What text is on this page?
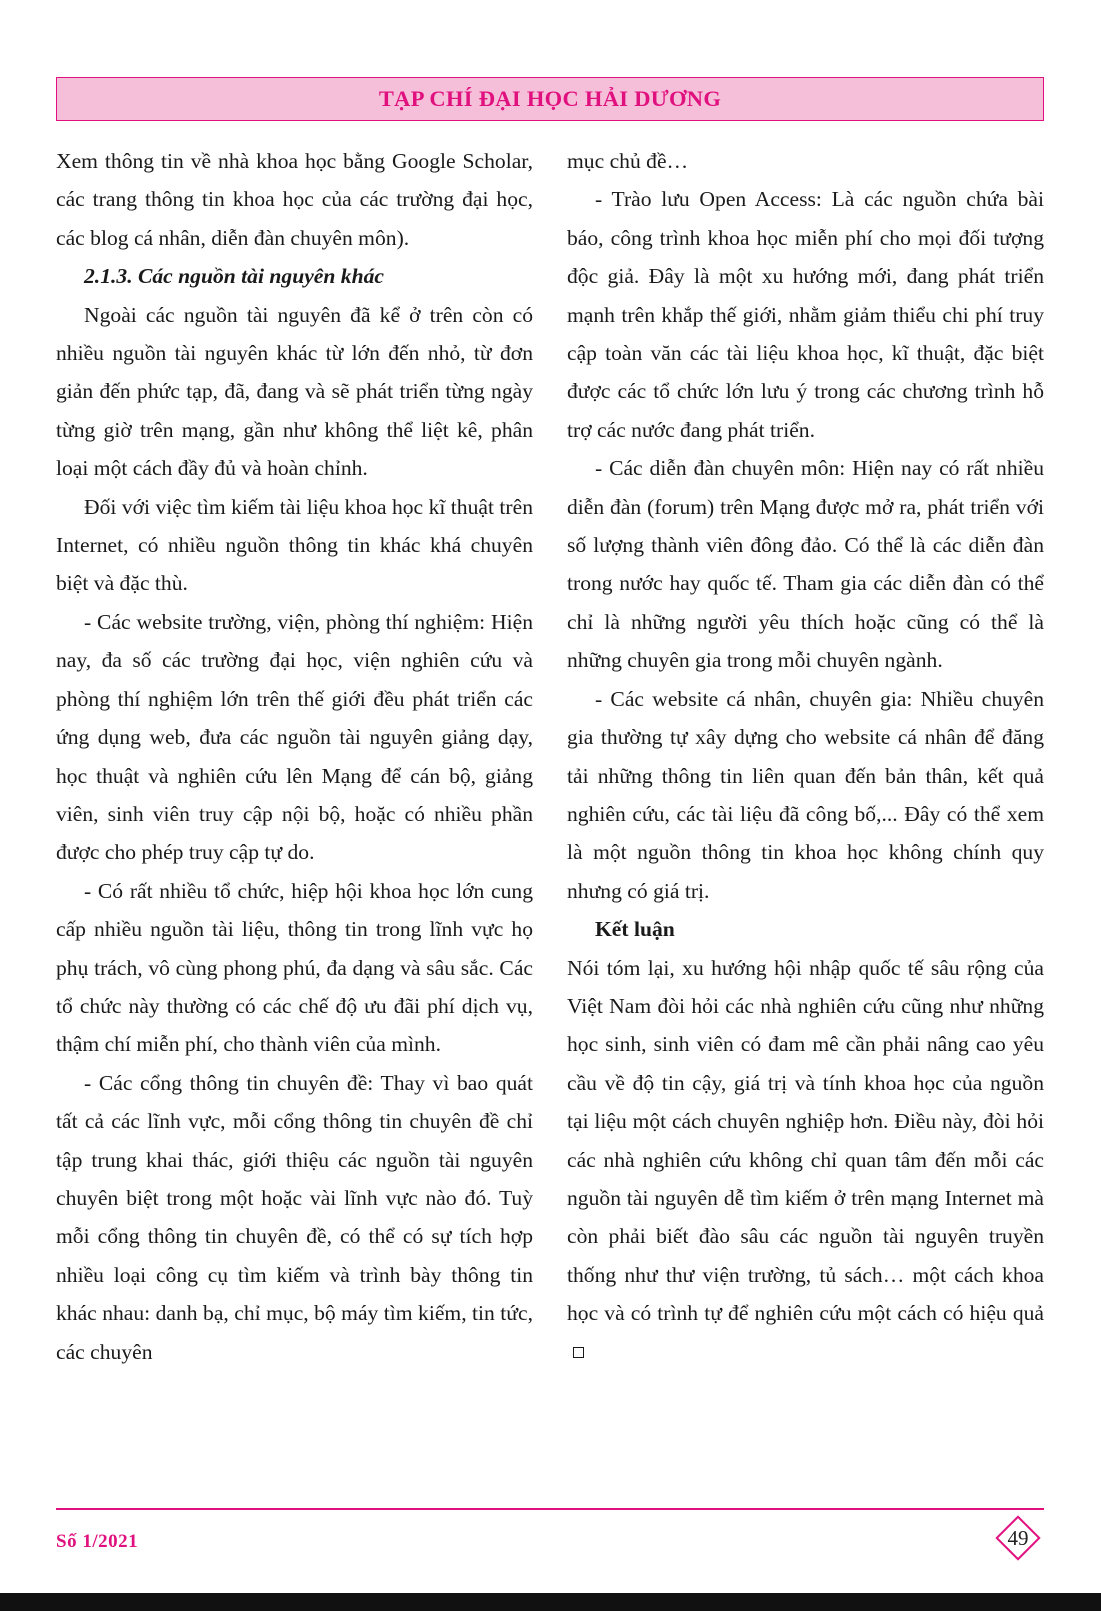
TẠP CHÍ ĐẠI HỌC HẢI DƯƠNG

Xem thông tin về nhà khoa học bằng Google Scholar, các trang thông tin khoa học của các trường đại học, các blog cá nhân, diễn đàn chuyên môn).

2.1.3. Các nguồn tài nguyên khác

Ngoài các nguồn tài nguyên đã kể ở trên còn có nhiều nguồn tài nguyên khác từ lớn đến nhỏ, từ đơn giản đến phức tạp, đã, đang và sẽ phát triển từng ngày từng giờ trên mạng, gần như không thể liệt kê, phân loại một cách đầy đủ và hoàn chỉnh.

Đối với việc tìm kiếm tài liệu khoa học kĩ thuật trên Internet, có nhiều nguồn thông tin khác khá chuyên biệt và đặc thù.

- Các website trường, viện, phòng thí nghiệm: Hiện nay, đa số các trường đại học, viện nghiên cứu và phòng thí nghiệm lớn trên thế giới đều phát triển các ứng dụng web, đưa các nguồn tài nguyên giảng dạy, học thuật và nghiên cứu lên Mạng để cán bộ, giảng viên, sinh viên truy cập nội bộ, hoặc có nhiều phần được cho phép truy cập tự do.

- Có rất nhiều tổ chức, hiệp hội khoa học lớn cung cấp nhiều nguồn tài liệu, thông tin trong lĩnh vực họ phụ trách, vô cùng phong phú, đa dạng và sâu sắc. Các tổ chức này thường có các chế độ ưu đãi phí dịch vụ, thậm chí miễn phí, cho thành viên của mình.

- Các cổng thông tin chuyên đề: Thay vì bao quát tất cả các lĩnh vực, mỗi cổng thông tin chuyên đề chỉ tập trung khai thác, giới thiệu các nguồn tài nguyên chuyên biệt trong một hoặc vài lĩnh vực nào đó. Tuỳ mỗi cổng thông tin chuyên đề, có thể có sự tích hợp nhiều loại công cụ tìm kiếm và trình bày thông tin khác nhau: danh bạ, chỉ mục, bộ máy tìm kiếm, tin tức, các chuyên

mục chủ đề…

- Trào lưu Open Access: Là các nguồn chứa bài báo, công trình khoa học miễn phí cho mọi đối tượng độc giả. Đây là một xu hướng mới, đang phát triển mạnh trên khắp thế giới, nhằm giảm thiểu chi phí truy cập toàn văn các tài liệu khoa học, kĩ thuật, đặc biệt được các tổ chức lớn lưu ý trong các chương trình hỗ trợ các nước đang phát triển.

- Các diễn đàn chuyên môn: Hiện nay có rất nhiều diễn đàn (forum) trên Mạng được mở ra, phát triển với số lượng thành viên đông đảo. Có thể là các diễn đàn trong nước hay quốc tế. Tham gia các diễn đàn có thể chỉ là những người yêu thích hoặc cũng có thể là những chuyên gia trong mỗi chuyên ngành.

- Các website cá nhân, chuyên gia: Nhiều chuyên gia thường tự xây dựng cho website cá nhân để đăng tải những thông tin liên quan đến bản thân, kết quả nghiên cứu, các tài liệu đã công bố,... Đây có thể xem là một nguồn thông tin khoa học không chính quy nhưng có giá trị.

Kết luận

Nói tóm lại, xu hướng hội nhập quốc tế sâu rộng của Việt Nam đòi hỏi các nhà nghiên cứu cũng như những học sinh, sinh viên có đam mê cần phải nâng cao yêu cầu về độ tin cậy, giá trị và tính khoa học của nguồn tại liệu một cách chuyên nghiệp hơn. Điều này, đòi hỏi các nhà nghiên cứu không chỉ quan tâm đến mỗi các nguồn tài nguyên dễ tìm kiếm ở trên mạng Internet mà còn phải biết đào sâu các nguồn tài nguyên truyền thống như thư viện trường, tủ sách… một cách khoa học và có trình tự để nghiên cứu một cách có hiệu quả

Số 1/2021	49
